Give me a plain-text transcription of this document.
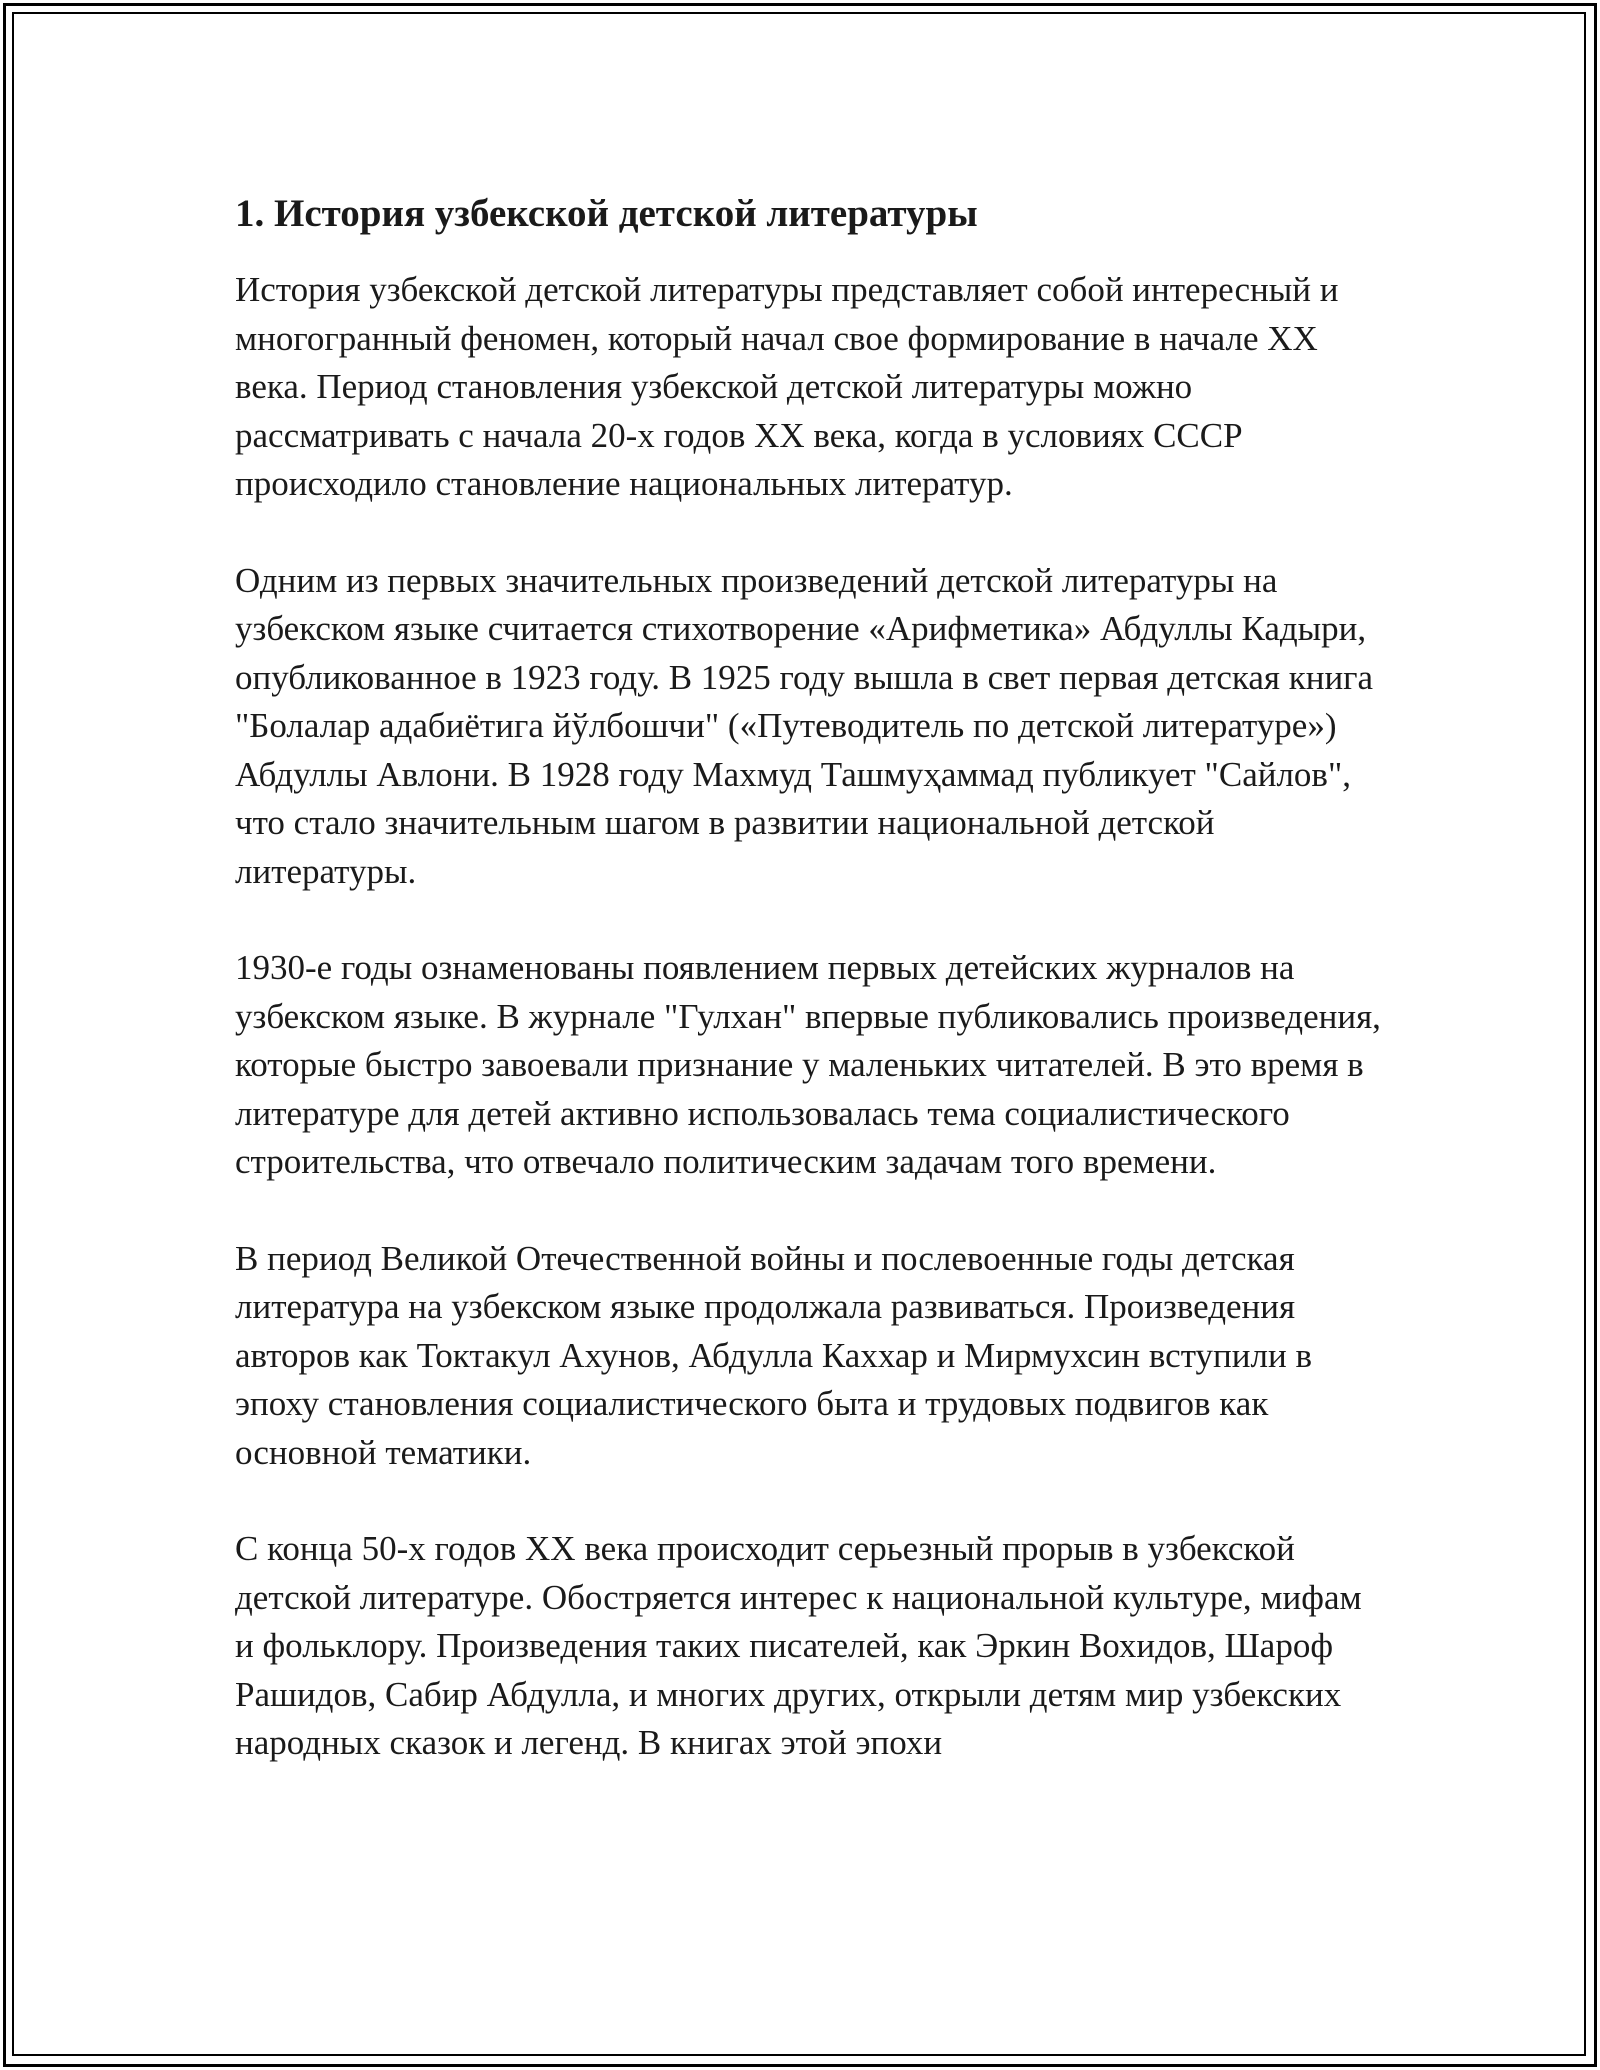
1. История узбекской детской литературы

История узбекской детской литературы представляет собой интересный и многогранный феномен, который начал свое формирование в начале XX века. Период становления узбекской детской литературы можно рассматривать с начала 20-х годов XX века, когда в условиях СССР происходило становление национальных литератур.

Одним из первых значительных произведений детской литературы на узбекском языке считается стихотворение «Арифметика» Абдуллы Кадыри, опубликованное в 1923 году. В 1925 году вышла в свет первая детская книга "Болалар адабиётига йўлбошчи" («Путеводитель по детской литературе») Абдуллы Авлони. В 1928 году Махмуд Ташмуҳаммад публикует "Сайлов", что стало значительным шагом в развитии национальной детской литературы.

1930-е годы ознаменованы появлением первых детейских журналов на узбекском языке. В журнале "Гулхан" впервые публиковались произведения, которые быстро завоевали признание у маленьких читателей. В это время в литературе для детей активно использовалась тема социалистического строительства, что отвечало политическим задачам того времени.

В период Великой Отечественной войны и послевоенные годы детская литература на узбекском языке продолжала развиваться. Произведения авторов как Токтакул Ахунов, Абдулла Каххар и Мирмухсин вступили в эпоху становления социалистического быта и трудовых подвигов как основной тематики.

С конца 50-х годов XX века происходит серьезный прорыв в узбекской детской литературе. Обостряется интерес к национальной культуре, мифам и фольклору. Произведения таких писателей, как Эркин Вохидов, Шароф Рашидов, Сабир Абдулла, и многих других, открыли детям мир узбекских народных сказок и легенд. В книгах этой эпохи
